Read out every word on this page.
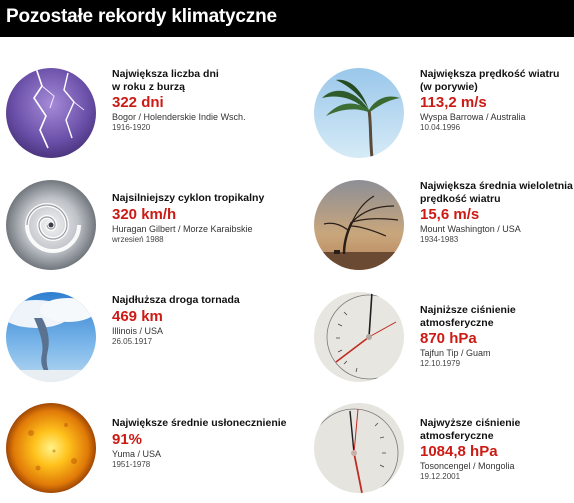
Pozostałe rekordy klimatyczne
Największa liczba dni
w roku z burzą
322 dni
Bogor / Holenderskie Indie Wsch.
1916-1920
Największa prędkość wiatru
(w porywie)
113,2 m/s
Wyspa Barrowa / Australia
10.04.1996
Najsilniejszy cyklon tropikalny
320 km/h
Huragan Gilbert / Morze Karaibskie
wrzesień 1988
Największa średnia wieloletnia
prędkość wiatru
15,6 m/s
Mount Washington / USA
1934-1983
Najdłuższa droga tornada
469 km
Illinois / USA
26.05.1917
Najniższe ciśnienie
atmosferyczne
870 hPa
Tajfun Tip / Guam
12.10.1979
Największe średnie usłonecznienie
91%
Yuma / USA
1951-1978
Najwyższe ciśnienie
atmosferyczne
1084,8 hPa
Tosoncengel / Mongolia
19.12.2001
